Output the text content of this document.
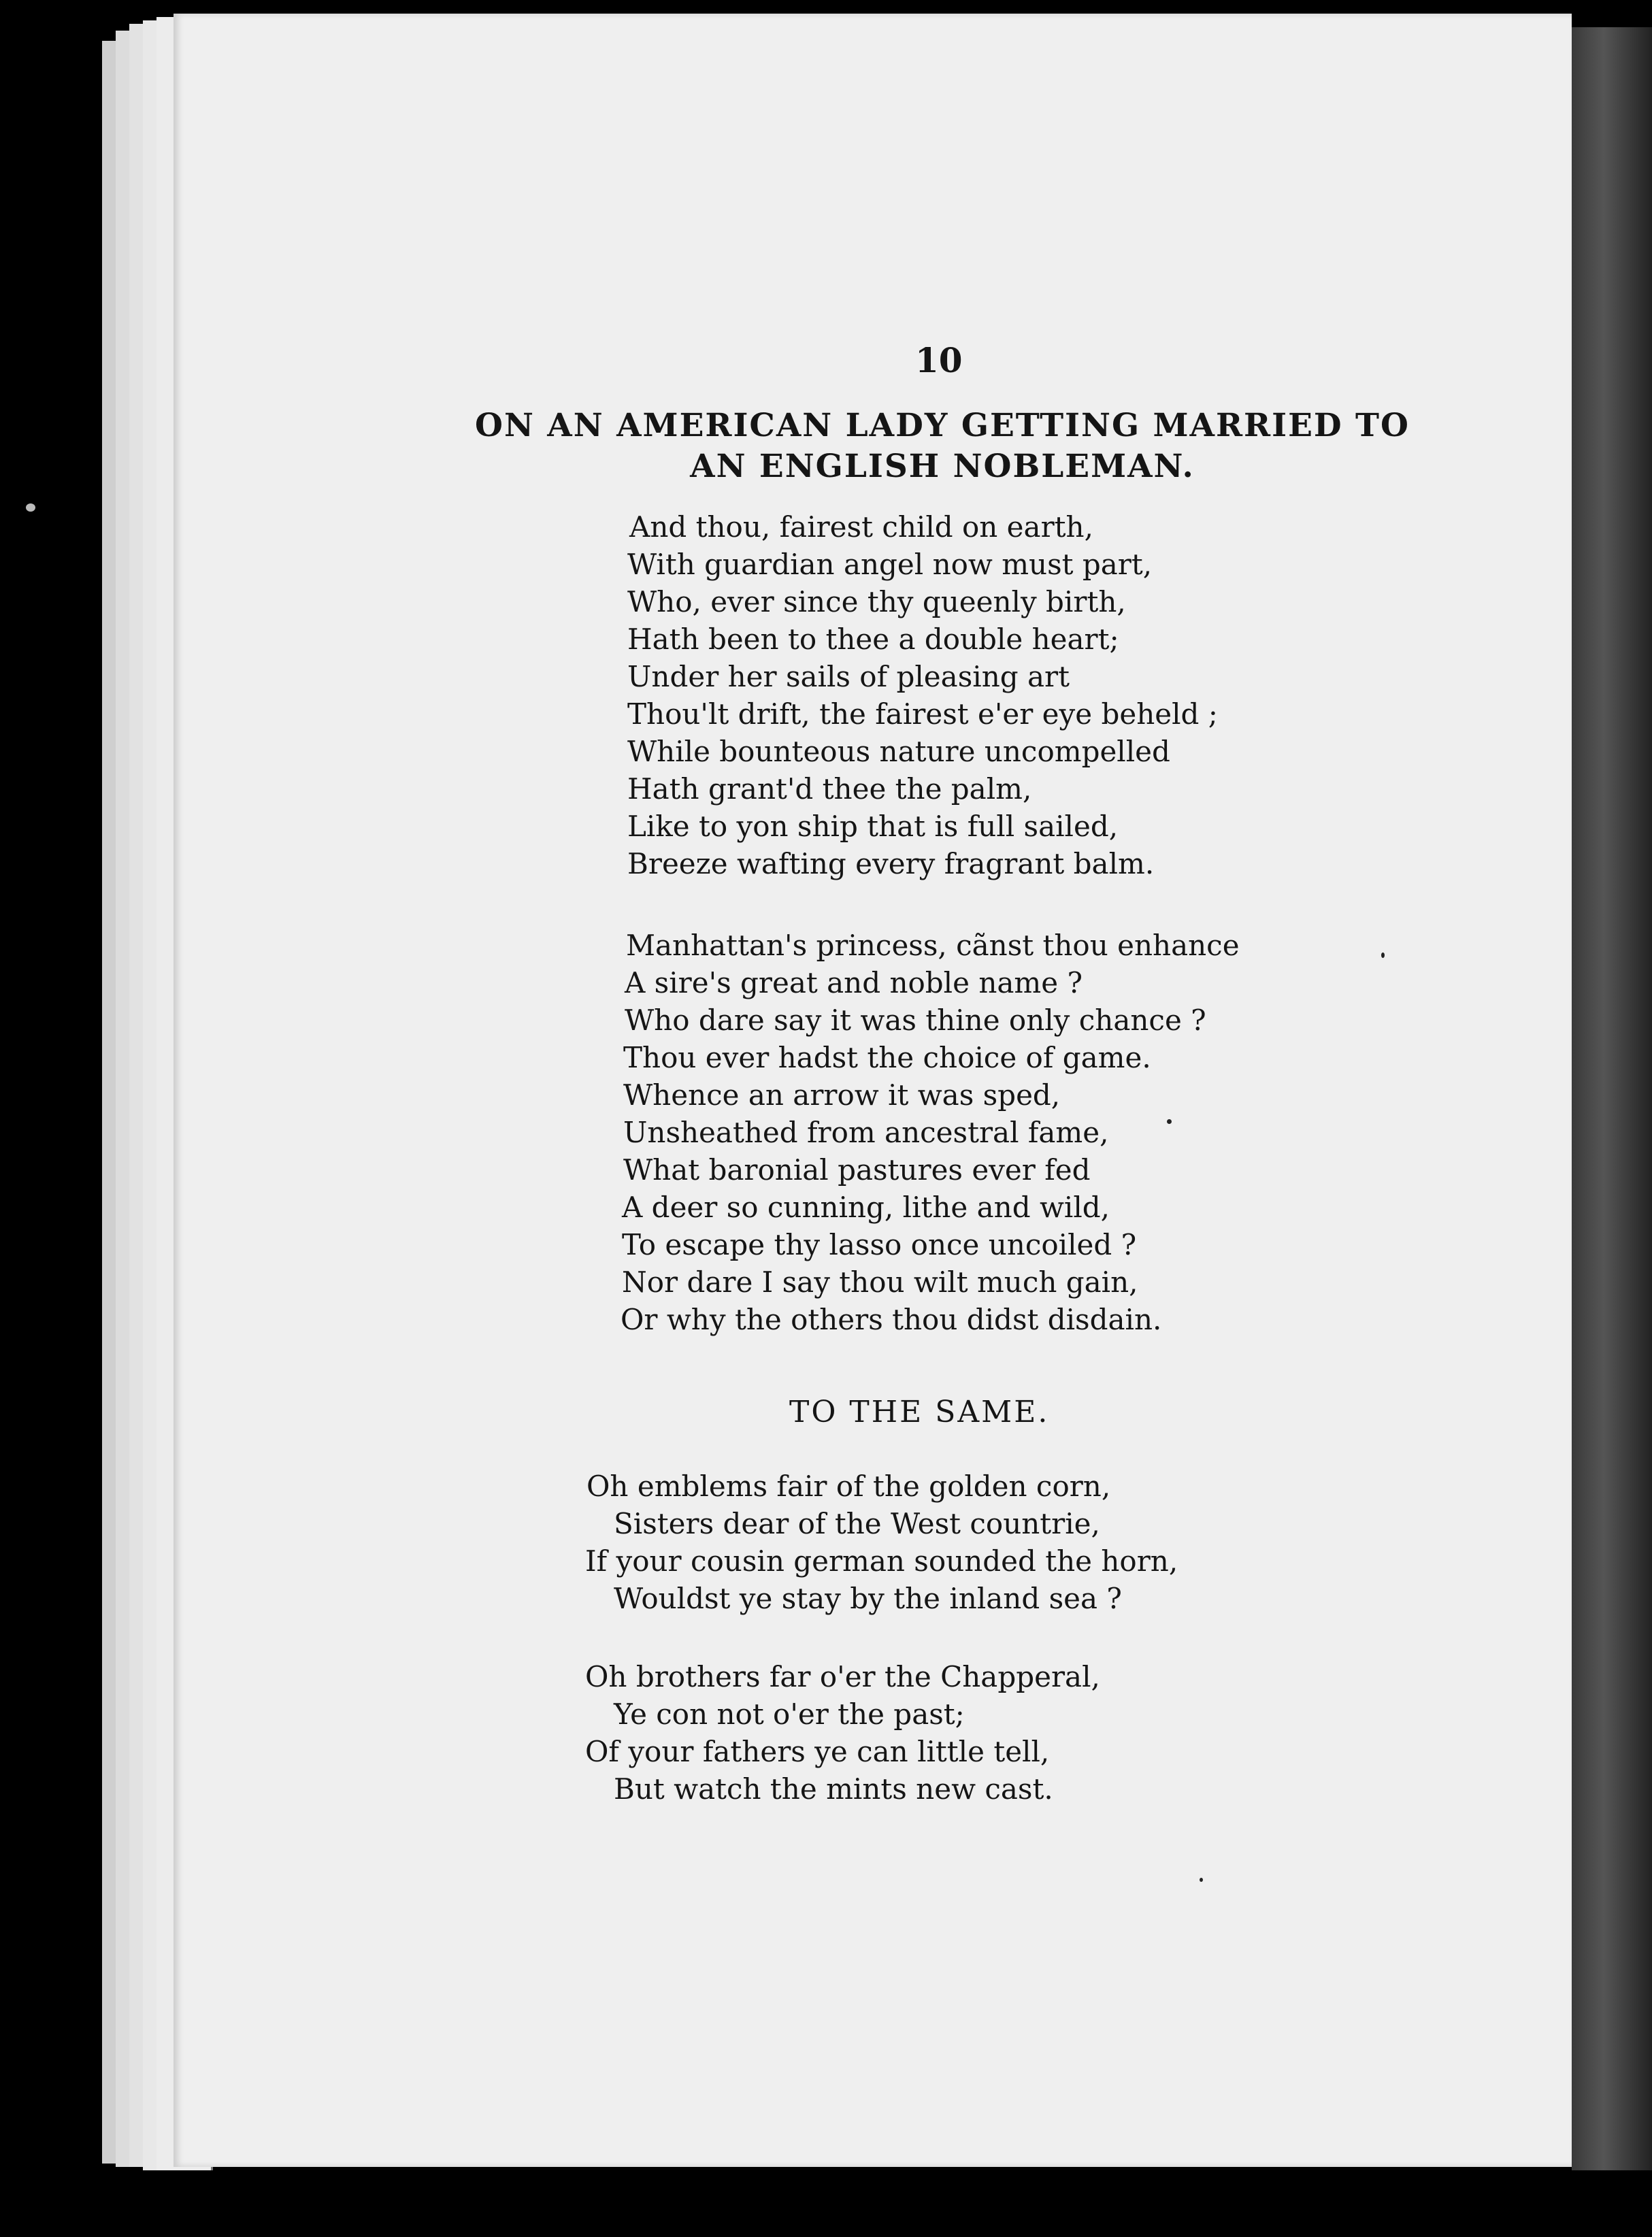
10
ON AN AMERICAN LADY GETTING MARRIED TO
AN ENGLISH NOBLEMAN.
And thou, fairest child on earth,
With guardian angel now must part,
Who, ever since thy queenly birth,
Hath been to thee a double heart;
Under her sails of pleasing art
Thou'lt drift, the fairest e'er eye beheld ;
While bounteous nature uncompelled
Hath grant'd thee the palm,
Like to yon ship that is full sailed,
Breeze wafting every fragrant balm.
Manhattan's princess, cãnst thou enhance
A sire's great and noble name ?
Who dare say it was thine only chance ?
Thou ever hadst the choice of game.
Whence an arrow it was sped,
Unsheathed from ancestral fame,
What baronial pastures ever fed
A deer so cunning, lithe and wild,
To escape thy lasso once uncoiled ?
Nor dare I say thou wilt much gain,
Or why the others thou didst disdain.
TO THE SAME.
Oh emblems fair of the golden corn,
Sisters dear of the West countrie,
If your cousin german sounded the horn,
Wouldst ye stay by the inland sea ?
Oh brothers far o'er the Chapperal,
Ye con not o'er the past;
Of your fathers ye can little tell,
But watch the mints new cast.
